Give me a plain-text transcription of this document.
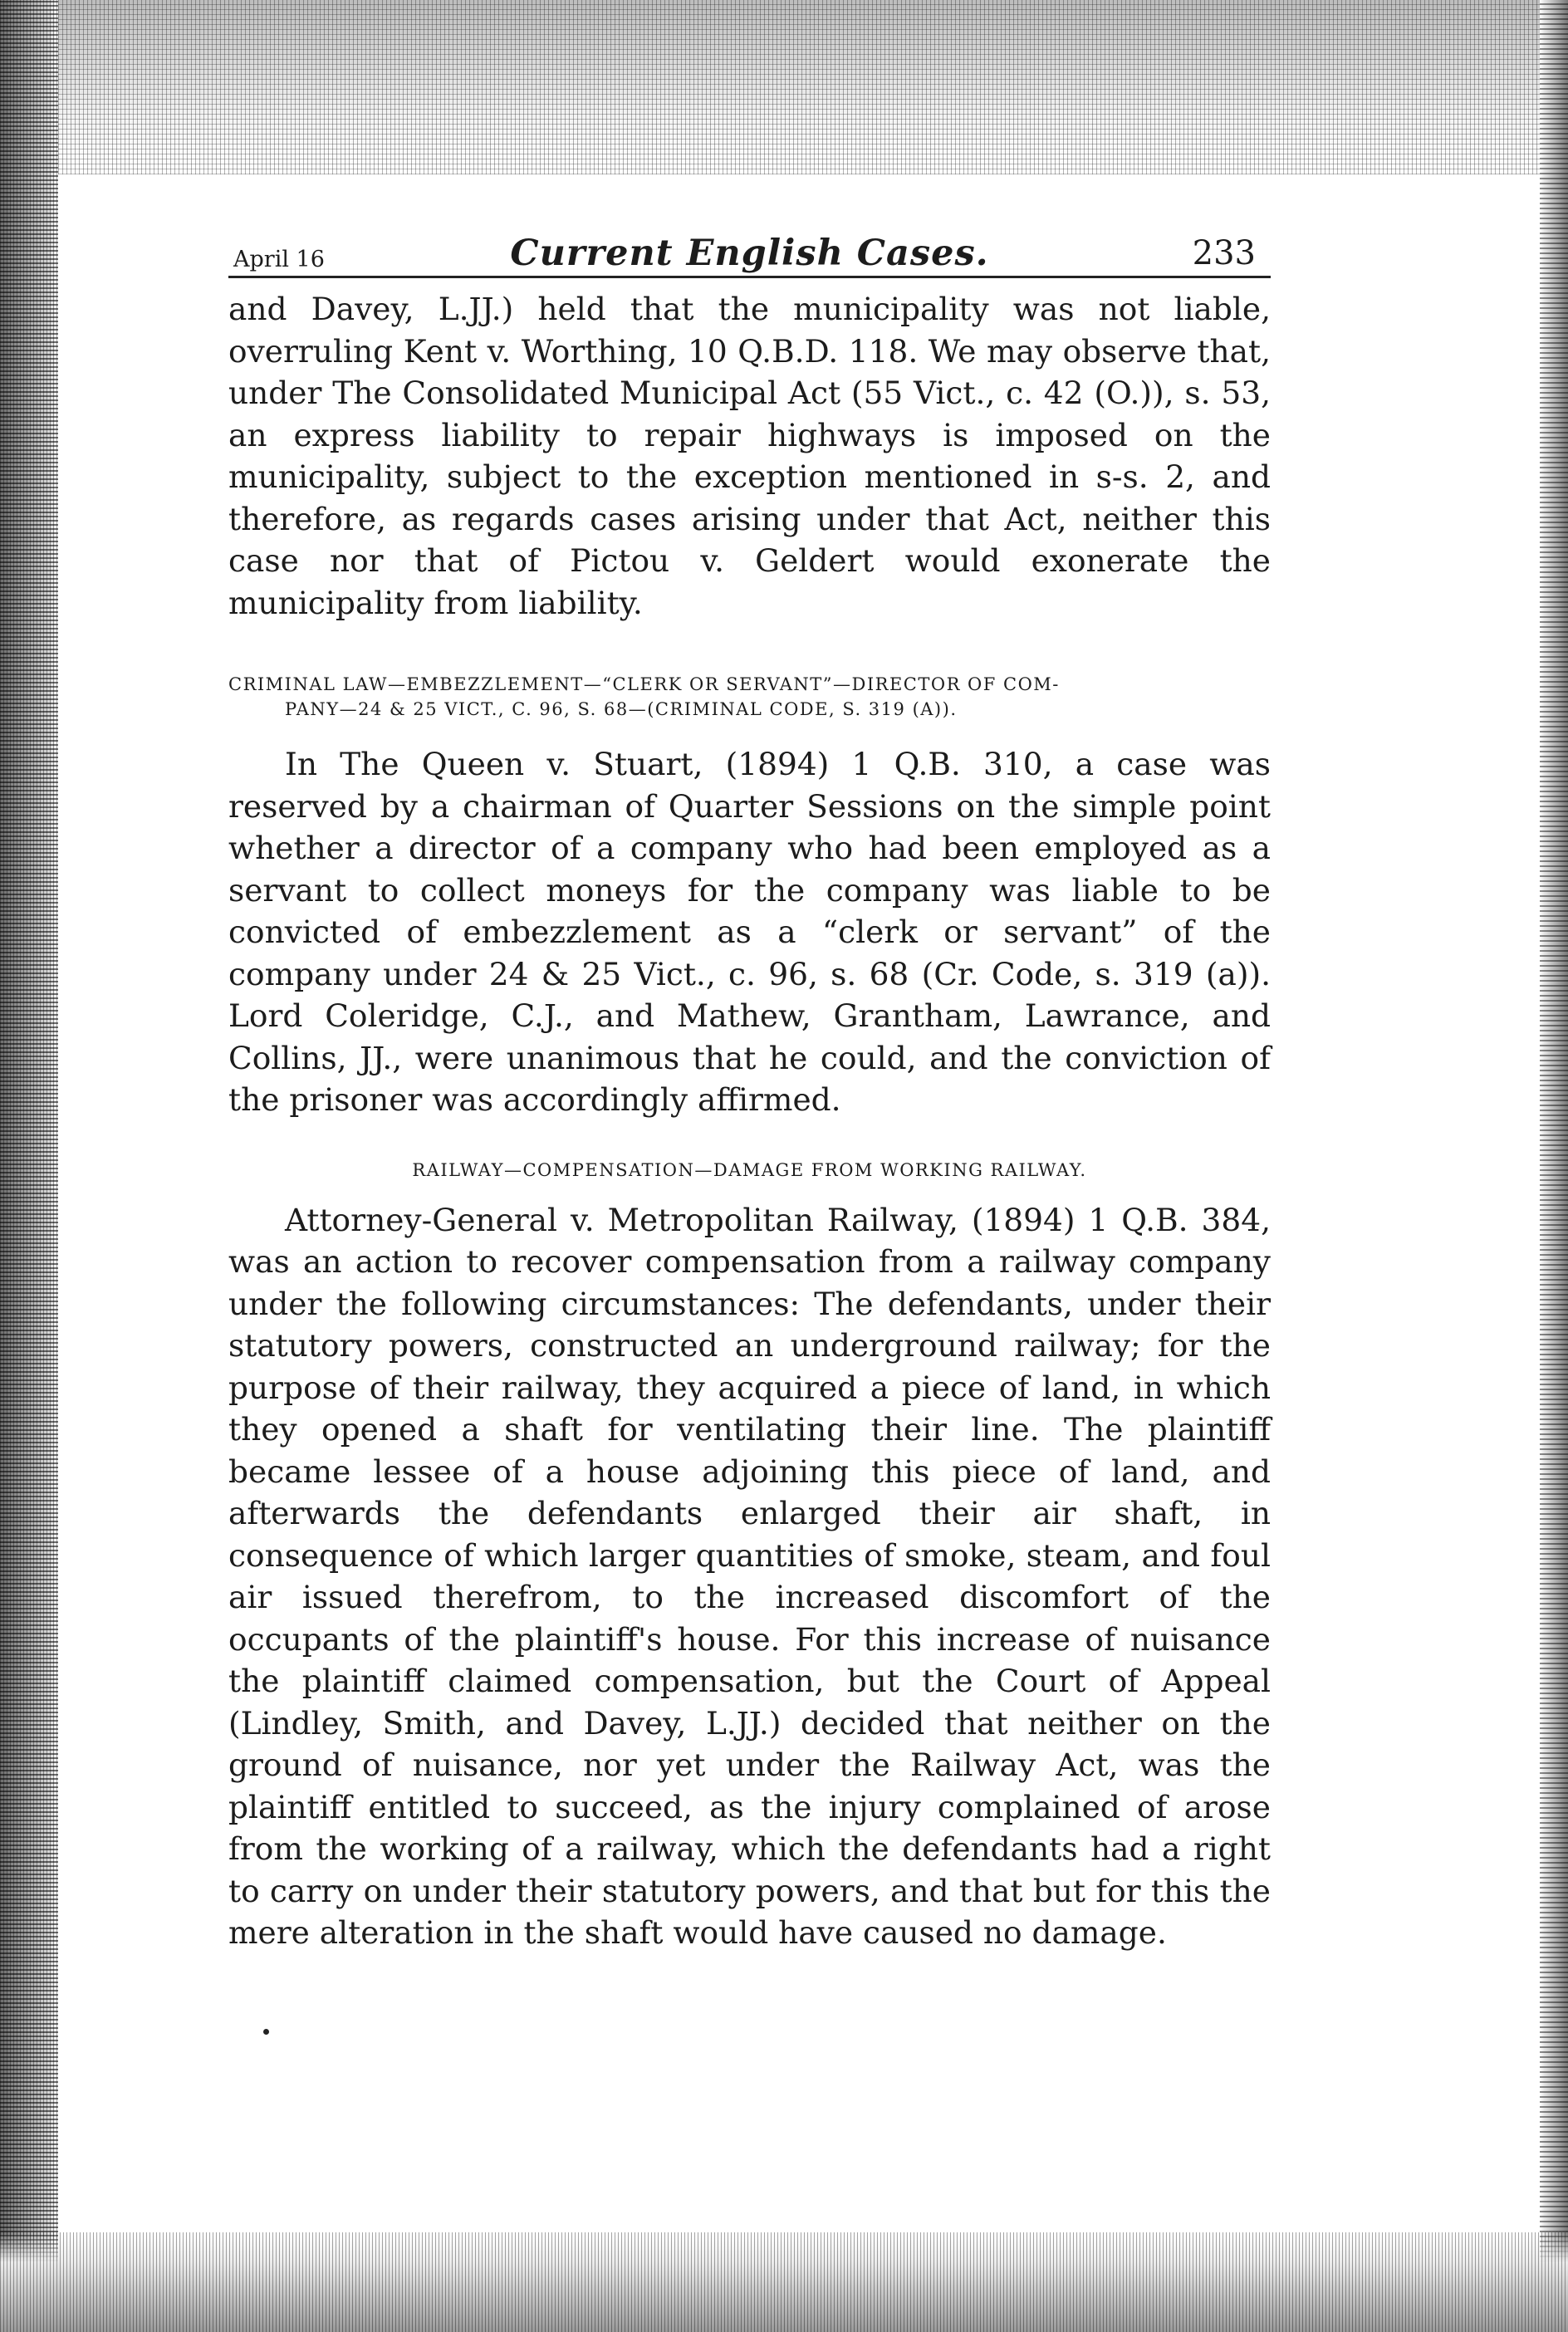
April 16	Current English Cases.	233

and Davey, L.JJ.) held that the municipality was not liable, overruling Kent v. Worthing, 10 Q.B.D. 118. We may observe that, under The Consolidated Municipal Act (55 Vict., c. 42 (O.)), s. 53, an express liability to repair highways is imposed on the municipality, subject to the exception mentioned in s-s. 2, and therefore, as regards cases arising under that Act, neither this case nor that of Pictou v. Geldert would exonerate the municipality from liability.

CRIMINAL LAW—EMBEZZLEMENT—“CLERK OR SERVANT”—DIRECTOR OF COM-
PANY—24 & 25 VICT., C. 96, S. 68—(CRIMINAL CODE, S. 319 (A)).

In The Queen v. Stuart, (1894) 1 Q.B. 310, a case was reserved by a chairman of Quarter Sessions on the simple point whether a director of a company who had been employed as a servant to collect moneys for the company was liable to be convicted of embezzlement as a “clerk or servant” of the company under 24 & 25 Vict., c. 96, s. 68 (Cr. Code, s. 319 (a)). Lord Coleridge, C.J., and Mathew, Grantham, Lawrance, and Collins, JJ., were unanimous that he could, and the conviction of the prisoner was accordingly affirmed.

RAILWAY—COMPENSATION—DAMAGE FROM WORKING RAILWAY.

Attorney-General v. Metropolitan Railway, (1894) 1 Q.B. 384, was an action to recover compensation from a railway company under the following circumstances: The defendants, under their statutory powers, constructed an underground railway; for the purpose of their railway, they acquired a piece of land, in which they opened a shaft for ventilating their line. The plaintiff became lessee of a house adjoining this piece of land, and afterwards the defendants enlarged their air shaft, in consequence of which larger quantities of smoke, steam, and foul air issued therefrom, to the increased discomfort of the occupants of the plaintiff's house. For this increase of nuisance the plaintiff claimed compensation, but the Court of Appeal (Lindley, Smith, and Davey, L.JJ.) decided that neither on the ground of nuisance, nor yet under the Railway Act, was the plaintiff entitled to succeed, as the injury complained of arose from the working of a railway, which the defendants had a right to carry on under their statutory powers, and that but for this the mere alteration in the shaft would have caused no damage.
